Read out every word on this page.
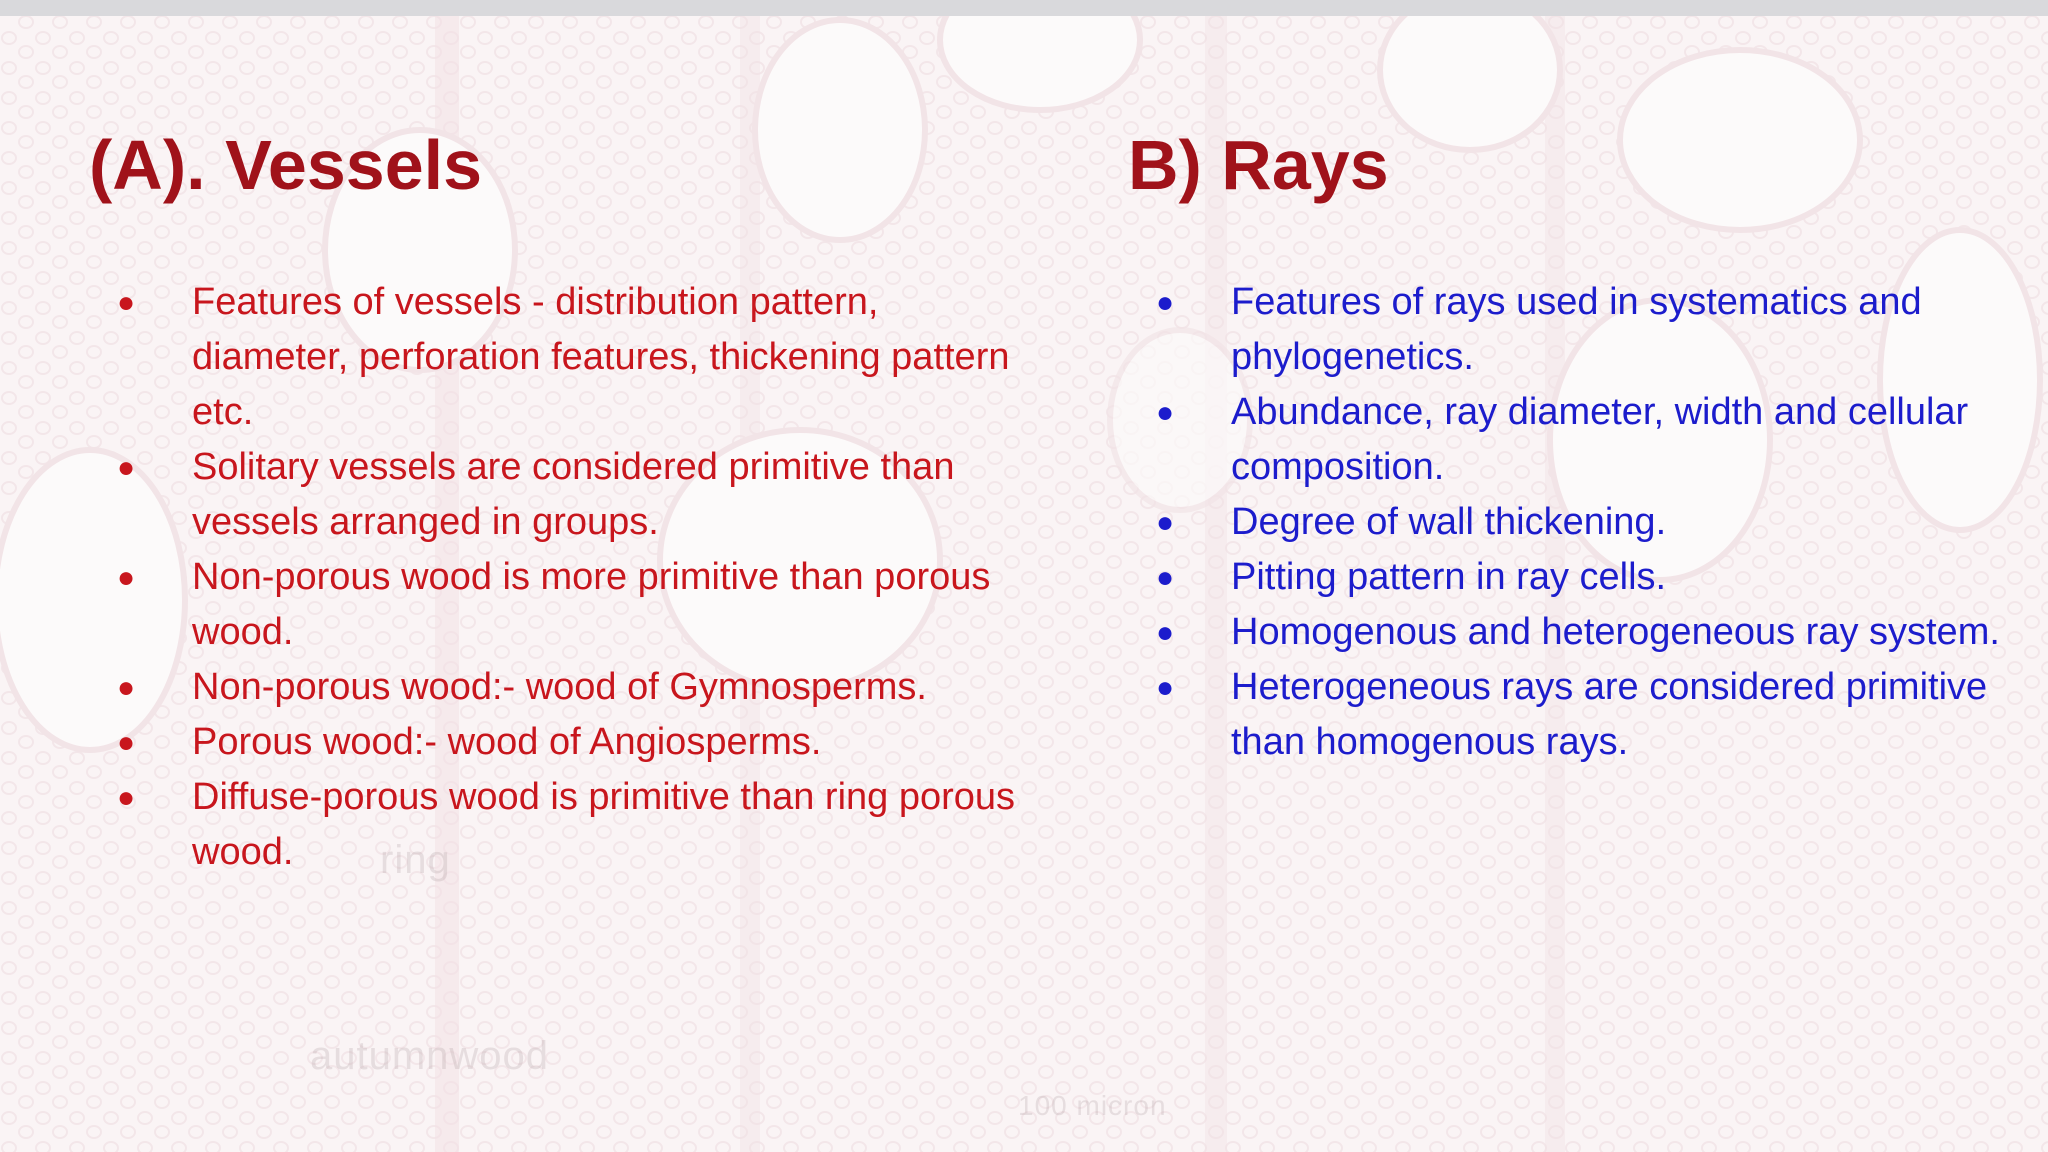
ring
autumnwood
100 micron
(A). Vessels
● Features of vessels - distribution pattern, diameter, perforation features, thickening pattern etc.
● Solitary vessels are considered primitive than vessels arranged in groups.
● Non-porous wood is more primitive than porous wood.
● Non-porous wood:- wood of Gymnosperms.
● Porous wood:- wood of Angiosperms.
● Diffuse-porous wood is primitive than ring porous wood.
B) Rays
● Features of rays used in systematics and phylogenetics.
● Abundance, ray diameter, width and cellular composition.
● Degree of wall thickening.
● Pitting pattern in ray cells.
● Homogenous and heterogeneous ray system.
● Heterogeneous rays are considered primitive than homogenous rays.
